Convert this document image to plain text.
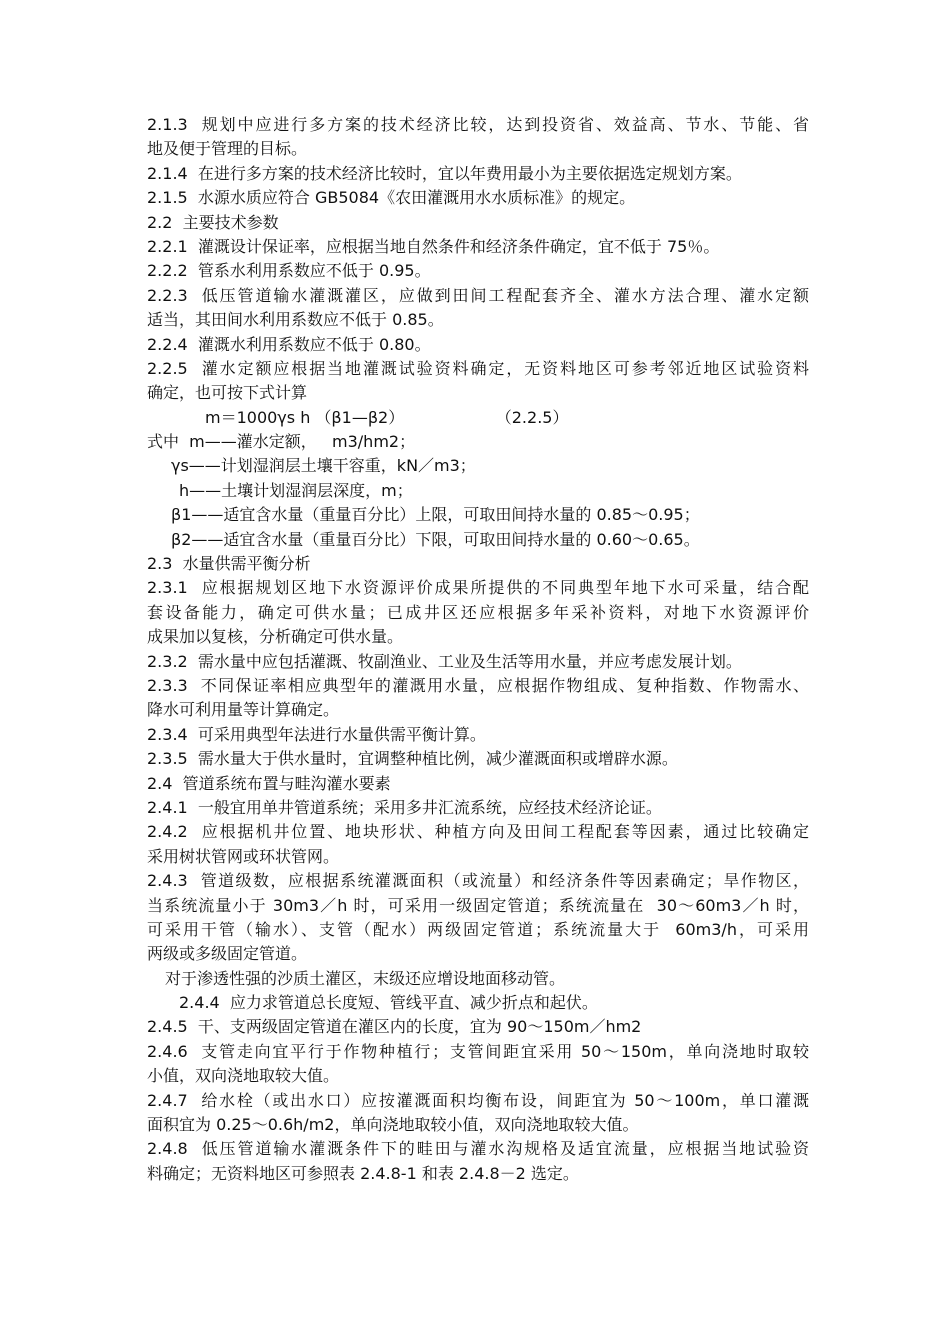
2.1.3  规划中应进行多方案的技术经济比较，达到投资省、效益高、节水、节能、省
地及便于管理的目标。
2.1.4  在进行多方案的技术经济比较时，宜以年费用最小为主要依据选定规划方案。
2.1.5  水源水质应符合 GB5084《农田灌溉用水水质标准》的规定。
2.2  主要技术参数
2.2.1  灌溉设计保证率，应根据当地自然条件和经济条件确定，宜不低于 75％。
2.2.2  管系水利用系数应不低于 0.95。
2.2.3  低压管道输水灌溉灌区，应做到田间工程配套齐全、灌水方法合理、灌水定额
适当，其田间水利用系数应不低于 0.85。
2.2.4  灌溉水利用系数应不低于 0.80。
2.2.5  灌水定额应根据当地灌溉试验资料确定，无资料地区可参考邻近地区试验资料
确定，也可按下式计算
m＝1000γs h （β1—β2）                  （2.2.5）
式中  m——灌水定额，   m3/hm2；
γs——计划湿润层土壤干容重，kN／m3；
h——土壤计划湿润层深度，m；
β1——适宜含水量（重量百分比）上限，可取田间持水量的 0.85～0.95；
β2——适宜含水量（重量百分比）下限，可取田间持水量的 0.60～0.65。
2.3  水量供需平衡分析
2.3.1  应根据规划区地下水资源评价成果所提供的不同典型年地下水可采量，结合配
套设备能力，确定可供水量；已成井区还应根据多年采补资料，对地下水资源评价
成果加以复核，分析确定可供水量。
2.3.2  需水量中应包括灌溉、牧副渔业、工业及生活等用水量，并应考虑发展计划。
2.3.3  不同保证率相应典型年的灌溉用水量，应根据作物组成、复种指数、作物需水、
降水可利用量等计算确定。
2.3.4  可采用典型年法进行水量供需平衡计算。
2.3.5  需水量大于供水量时，宜调整种植比例，减少灌溉面积或增辟水源。
2.4  管道系统布置与畦沟灌水要素
2.4.1  一般宜用单井管道系统；采用多井汇流系统，应经技术经济论证。
2.4.2  应根据机井位置、地块形状、种植方向及田间工程配套等因素，通过比较确定
采用树状管网或环状管网。
2.4.3  管道级数，应根据系统灌溉面积（或流量）和经济条件等因素确定；旱作物区，
当系统流量小于 30m3／h 时，可采用一级固定管道；系统流量在  30～60m3／h 时，
可采用干管（输水）、支管（配水）两级固定管道；系统流量大于  60m3/h，可采用
两级或多级固定管道。
对于渗透性强的沙质土灌区，末级还应增设地面移动管。
2.4.4  应力求管道总长度短、管线平直、减少折点和起伏。
2.4.5  干、支两级固定管道在灌区内的长度，宜为 90～150m／hm2
2.4.6  支管走向宜平行于作物种植行；支管间距宜采用 50～150m，单向浇地时取较
小值，双向浇地取较大值。
2.4.7  给水栓（或出水口）应按灌溉面积均衡布设，间距宜为 50～100m，单口灌溉
面积宜为 0.25～0.6h/m2，单向浇地取较小值，双向浇地取较大值。
2.4.8  低压管道输水灌溉条件下的畦田与灌水沟规格及适宜流量，应根据当地试验资
料确定；无资料地区可参照表 2.4.8-1 和表 2.4.8－2 选定。
